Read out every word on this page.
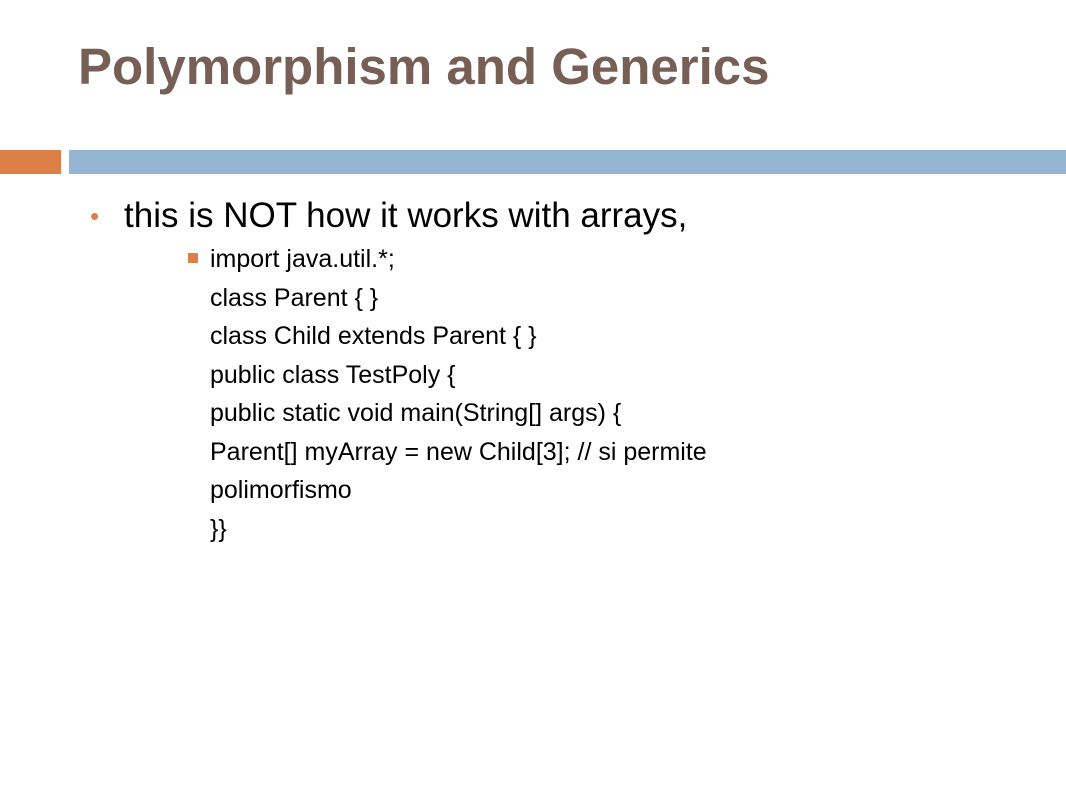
Polymorphism and Generics
• this is NOT how it works with arrays,
import java.util.*;
class Parent { }
class Child extends Parent { }
public class TestPoly {
public static void main(String[] args) {
Parent[] myArray = new Child[3]; // si permite
polimorfismo
}}
